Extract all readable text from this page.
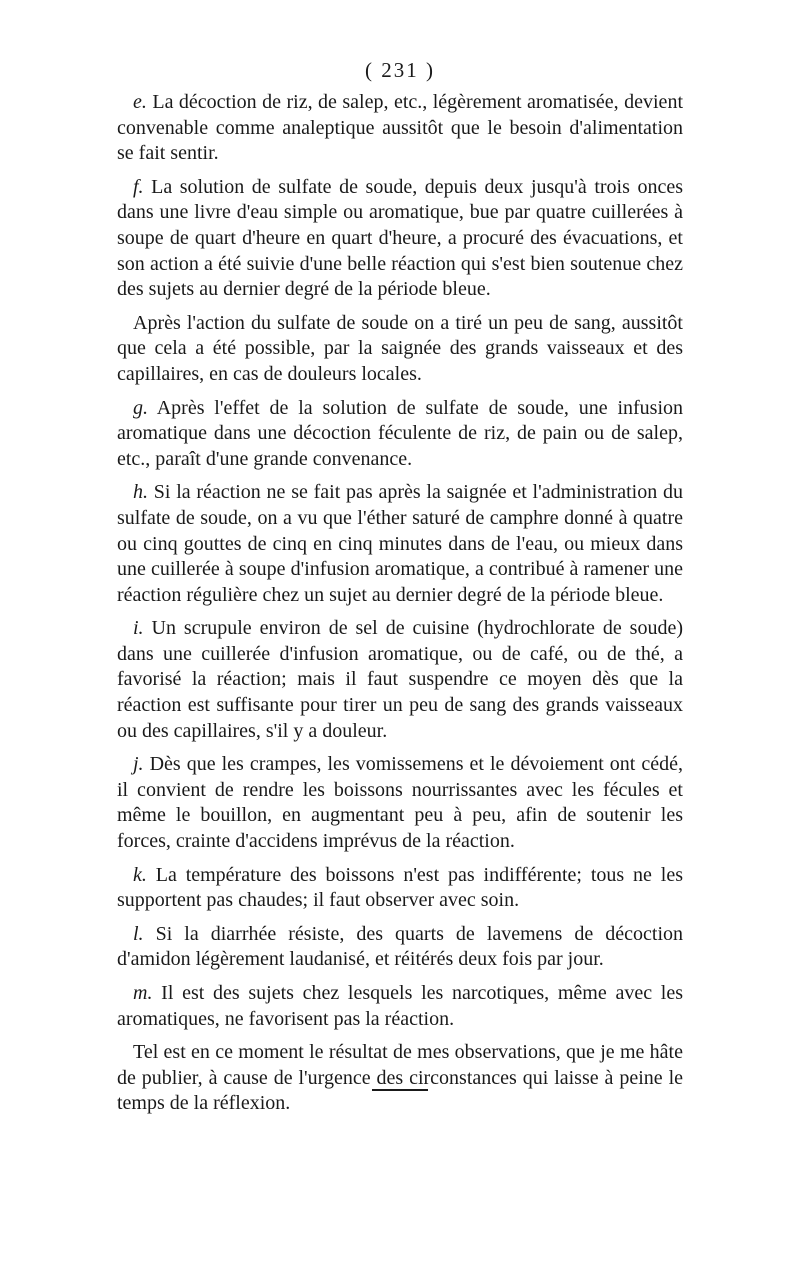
( 231 )

e. La décoction de riz, de salep, etc., légèrement aromatisée, devient convenable comme analeptique aussitôt que le besoin d'alimentation se fait sentir.

f. La solution de sulfate de soude, depuis deux jusqu'à trois onces dans une livre d'eau simple ou aromatique, bue par quatre cuillerées à soupe de quart d'heure en quart d'heure, a procuré des évacuations, et son action a été suivie d'une belle réaction qui s'est bien soutenue chez des sujets au dernier degré de la période bleue.

Après l'action du sulfate de soude on a tiré un peu de sang, aussitôt que cela a été possible, par la saignée des grands vaisseaux et des capillaires, en cas de douleurs locales.

g. Après l'effet de la solution de sulfate de soude, une infusion aromatique dans une décoction féculente de riz, de pain ou de salep, etc., paraît d'une grande convenance.

h. Si la réaction ne se fait pas après la saignée et l'administration du sulfate de soude, on a vu que l'éther saturé de camphre donné à quatre ou cinq gouttes de cinq en cinq minutes dans de l'eau, ou mieux dans une cuillerée à soupe d'infusion aromatique, a contribué à ramener une réaction régulière chez un sujet au dernier degré de la période bleue.

i. Un scrupule environ de sel de cuisine (hydrochlorate de soude) dans une cuillerée d'infusion aromatique, ou de café, ou de thé, a favorisé la réaction; mais il faut suspendre ce moyen dès que la réaction est suffisante pour tirer un peu de sang des grands vaisseaux ou des capillaires, s'il y a douleur.

j. Dès que les crampes, les vomissemens et le dévoiement ont cédé, il convient de rendre les boissons nourrissantes avec les fécules et même le bouillon, en augmentant peu à peu, afin de soutenir les forces, crainte d'accidens imprévus de la réaction.

k. La température des boissons n'est pas indifférente; tous ne les supportent pas chaudes; il faut observer avec soin.

l. Si la diarrhée résiste, des quarts de lavemens de décoction d'amidon légèrement laudanisé, et réitérés deux fois par jour.

m. Il est des sujets chez lesquels les narcotiques, même avec les aromatiques, ne favorisent pas la réaction.

Tel est en ce moment le résultat de mes observations, que je me hâte de publier, à cause de l'urgence des circonstances qui laisse à peine le temps de la réflexion.
